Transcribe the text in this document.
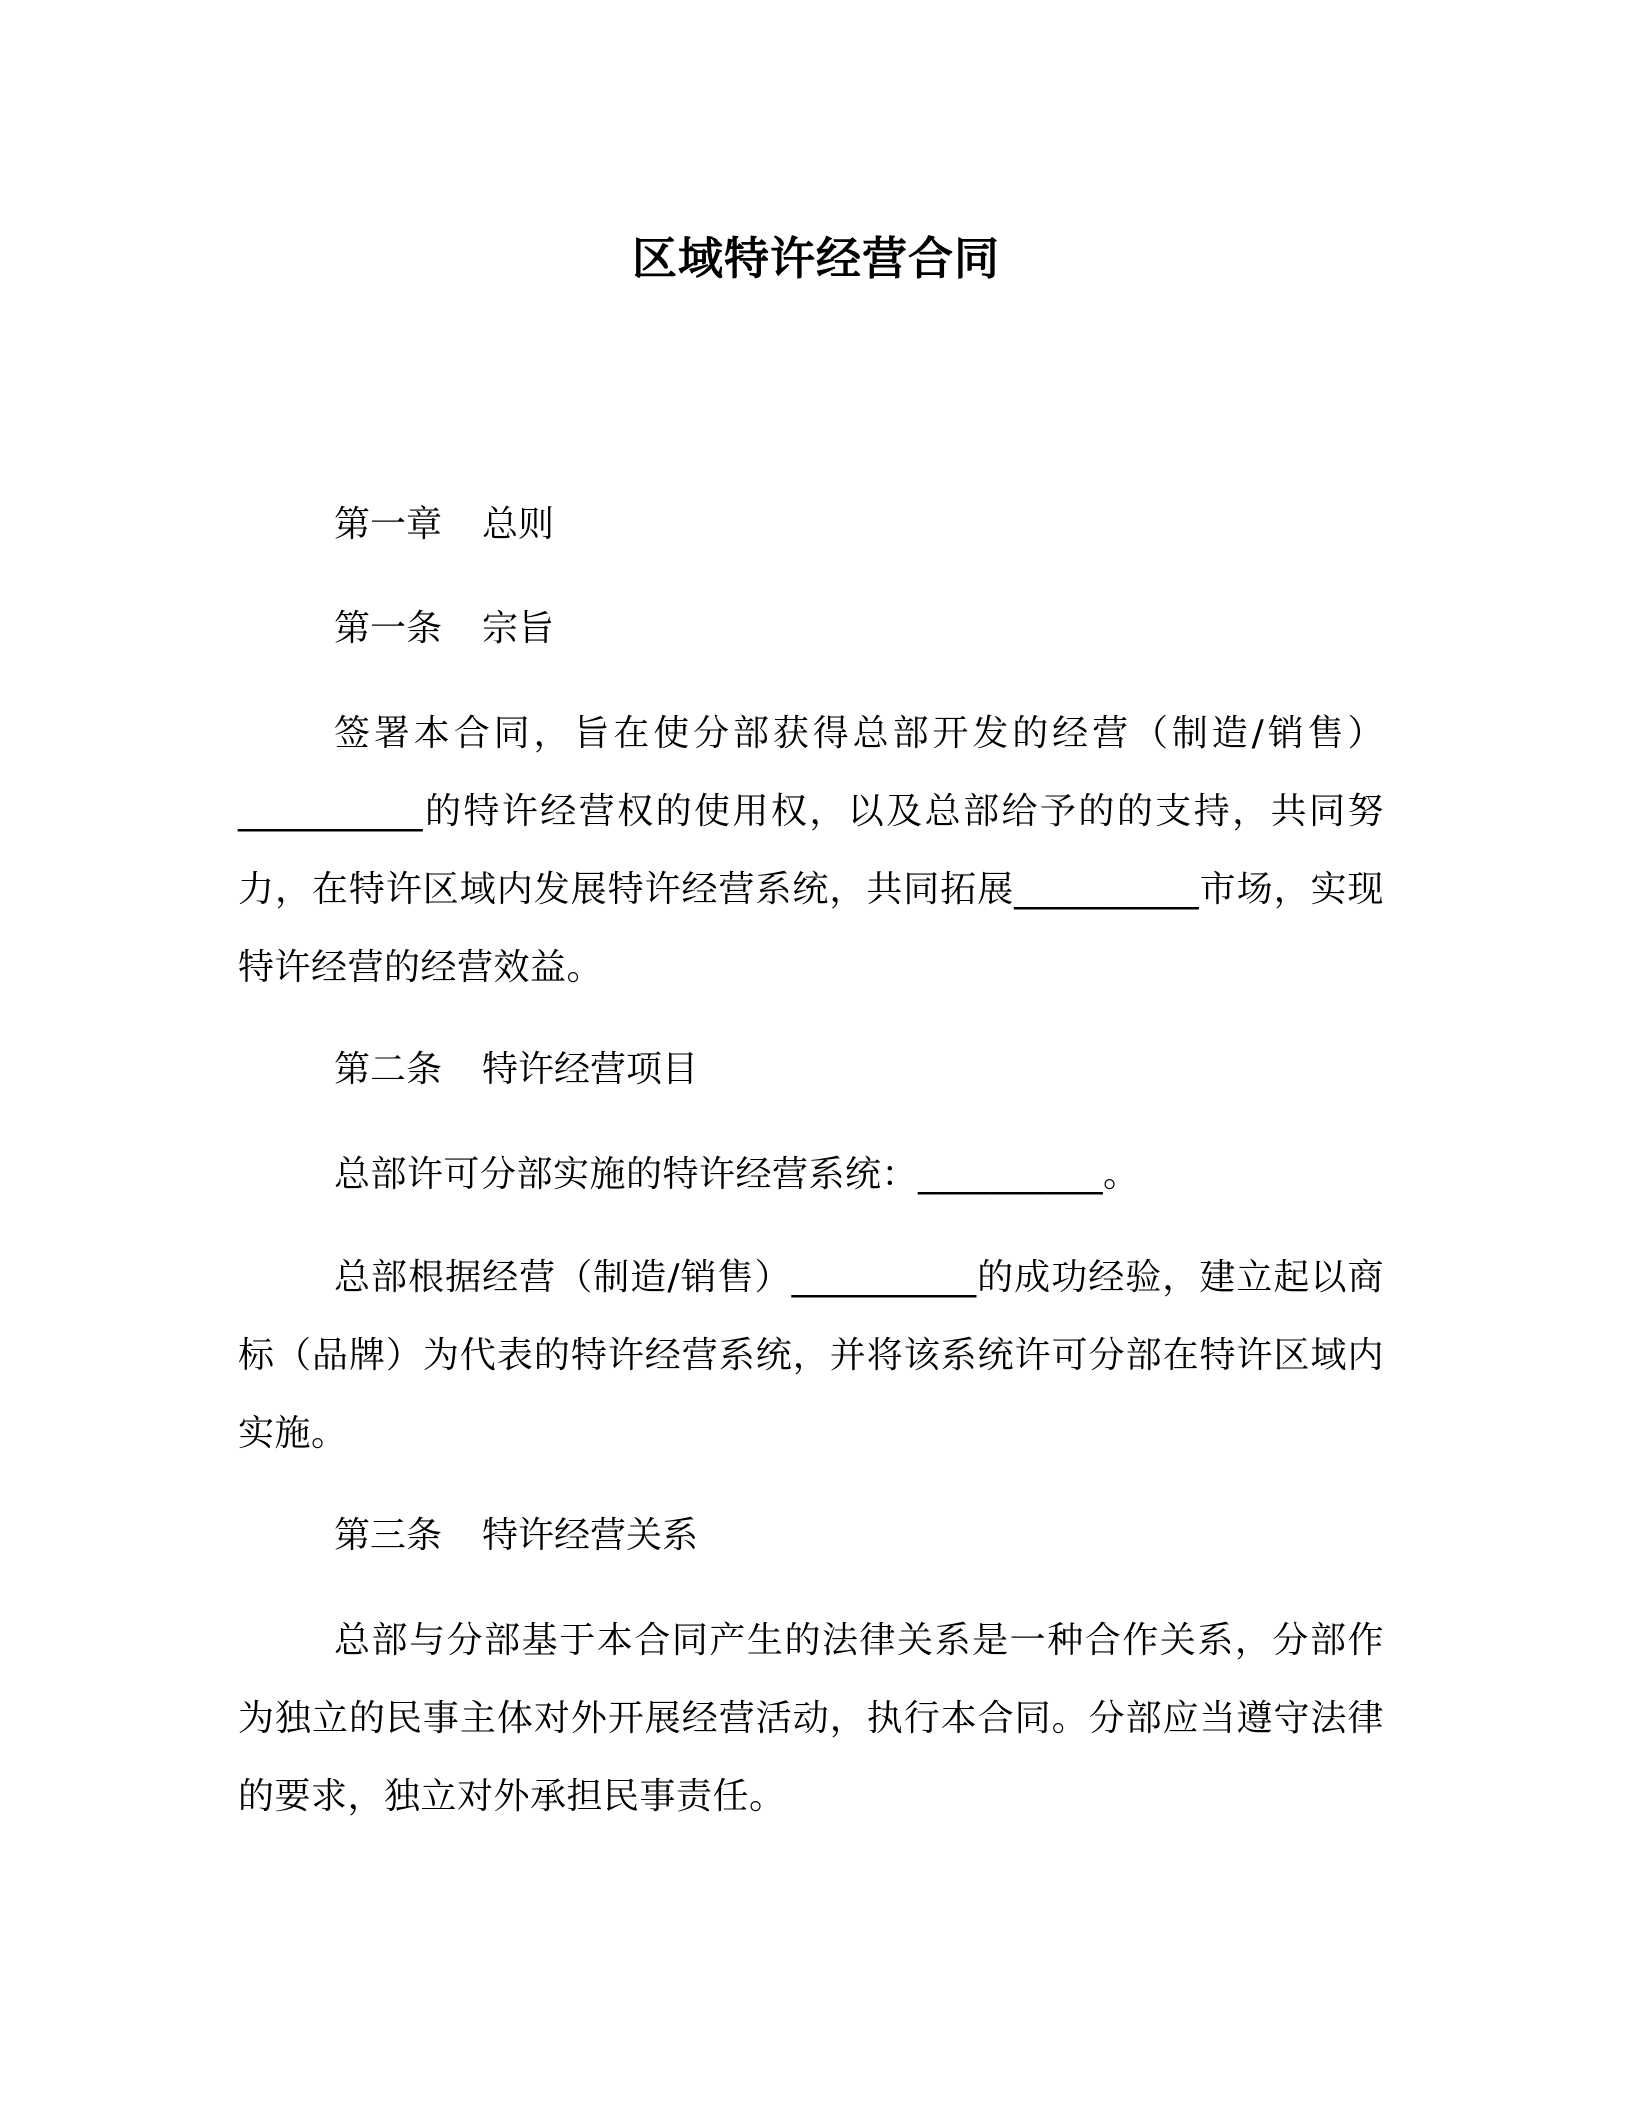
区域特许经营合同
第一章 总则
第一条 宗旨

签署本合同，旨在使分部获得总部开发的经营（制造/销售）__________的特许经营权的使用权，以及总部给予的的支持，共同努力，在特许区域内发展特许经营系统，共同拓展__________市场，实现特许经营的经营效益。

第二条 特许经营项目

总部许可分部实施的特许经营系统：__________。

总部根据经营（制造/销售）__________的成功经验，建立起以商标（品牌）为代表的特许经营系统，并将该系统许可分部在特许区域内实施。

第三条 特许经营关系

总部与分部基于本合同产生的法律关系是一种合作关系，分部作为独立的民事主体对外开展经营活动，执行本合同。分部应当遵守法律的要求，独立对外承担民事责任。
